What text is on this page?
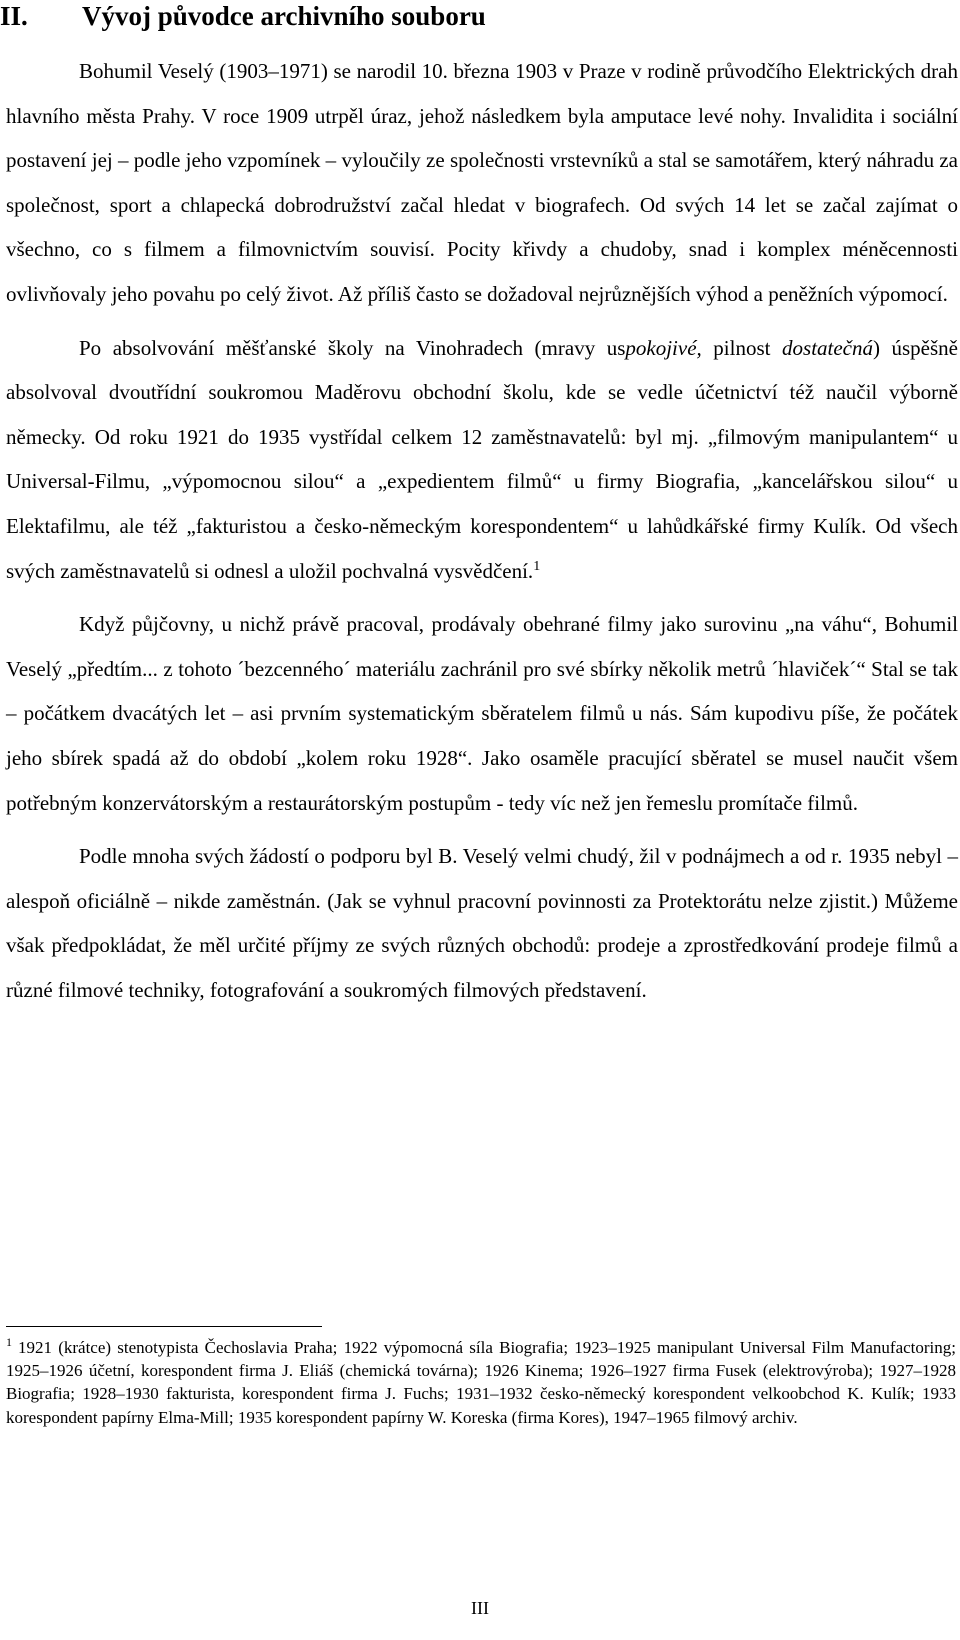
II. Vývoj původce archivního souboru

Bohumil Veselý (1903–1971) se narodil 10. března 1903 v Praze v rodině průvodčího Elektrických drah hlavního města Prahy. V roce 1909 utrpěl úraz, jehož následkem byla amputace levé nohy. Invalidita i sociální postavení jej – podle jeho vzpomínek – vyloučily ze společnosti vrstevníků a stal se samotářem, který náhradu za společnost, sport a chlapecká dobrodružství začal hledat v biografech. Od svých 14 let se začal zajímat o všechno, co s filmem a filmovnictvím souvisí. Pocity křivdy a chudoby, snad i komplex méněcennosti ovlivňovaly jeho povahu po celý život. Až příliš často se dožadoval nejrůznějších výhod a peněžních výpomocí.

Po absolvování měšťanské školy na Vinohradech (mravy uspokojivé, pilnost dostatečná) úspěšně absolvoval dvoutřídní soukromou Maděrovu obchodní školu, kde se vedle účetnictví též naučil výborně německy. Od roku 1921 do 1935 vystřídal celkem 12 zaměstnavatelů: byl mj. „filmovým manipulantem“ u Universal-Filmu, „výpomocnou silou“ a „expedientem filmů“ u firmy Biografia, „kancelářskou silou“ u Elektafilmu, ale též „fakturistou a česko-německým korespondentem“ u lahůdkářské firmy Kulík. Od všech svých zaměstnavatelů si odnesl a uložil pochvalná vysvědčení.$^1$

Když půjčovny, u nichž právě pracoval, prodávaly obehrané filmy jako surovinu „na váhu“, Bohumil Veselý „předtím... z tohoto ´bezcenného´ materiálu zachránil pro své sbírky několik metrů ´hlaviček´“ Stal se tak – počátkem dvacátých let – asi prvním systematickým sběratelem filmů u nás. Sám kupodivu píše, že počátek jeho sbírek spadá až do období „kolem roku 1928“. Jako osaměle pracující sběratel se musel naučit všem potřebným konzervátorským a restaurátorským postupům - tedy víc než jen řemeslu promítače filmů.

Podle mnoha svých žádostí o podporu byl B. Veselý velmi chudý, žil v podnájmech a od r. 1935 nebyl – alespoň oficiálně – nikde zaměstnán. (Jak se vyhnul pracovní povinnosti za Protektorátu nelze zjistit.) Můžeme však předpokládat, že měl určité příjmy ze svých různých obchodů: prodeje a zprostředkování prodeje filmů a různé filmové techniky, fotografování a soukromých filmových představení.

$^1$ 1921 (krátce) stenotypista Čechoslavia Praha; 1922 výpomocná síla Biografia; 1923–1925 manipulant Universal Film Manufactoring; 1925–1926 účetní, korespondent firma J. Eliáš (chemická továrna); 1926 Kinema; 1926–1927 firma Fusek (elektrovýroba); 1927–1928 Biografia; 1928–1930 fakturista, korespondent firma J. Fuchs; 1931–1932 česko-německý korespondent velkoobchod K. Kulík; 1933 korespondent papírny Elma-Mill; 1935 korespondent papírny W. Koreska (firma Kores), 1947–1965 filmový archiv.

III
